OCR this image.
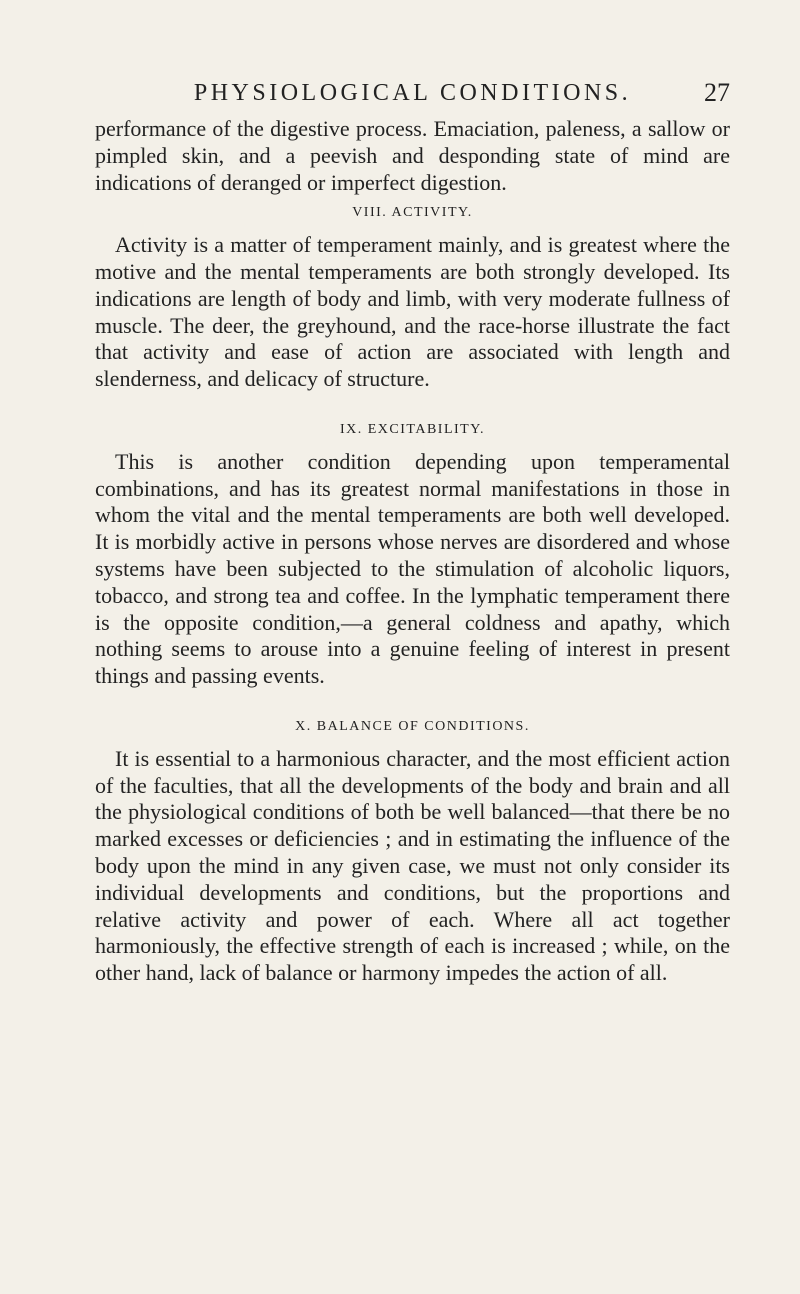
PHYSIOLOGICAL CONDITIONS.	27

performance of the digestive process. Emaciation, paleness, a sallow or pimpled skin, and a peevish and desponding state of mind are indications of deranged or imperfect digestion.

VIII. ACTIVITY.

Activity is a matter of temperament mainly, and is greatest where the motive and the mental temperaments are both strongly developed. Its indications are length of body and limb, with very moderate fullness of muscle. The deer, the greyhound, and the race-horse illustrate the fact that activity and ease of action are associated with length and slenderness, and delicacy of structure.

IX. EXCITABILITY.

This is another condition depending upon temperamental combinations, and has its greatest normal manifestations in those in whom the vital and the mental temperaments are both well developed. It is morbidly active in persons whose nerves are disordered and whose systems have been subjected to the stimulation of alcoholic liquors, tobacco, and strong tea and coffee. In the lymphatic temperament there is the opposite condition,—a general coldness and apathy, which nothing seems to arouse into a genuine feeling of interest in present things and passing events.

X. BALANCE OF CONDITIONS.

It is essential to a harmonious character, and the most efficient action of the faculties, that all the developments of the body and brain and all the physiological conditions of both be well balanced—that there be no marked excesses or deficiencies ; and in estimating the influence of the body upon the mind in any given case, we must not only consider its individual developments and conditions, but the proportions and relative activity and power of each. Where all act together harmoniously, the effective strength of each is increased ; while, on the other hand, lack of balance or harmony impedes the action of all.
